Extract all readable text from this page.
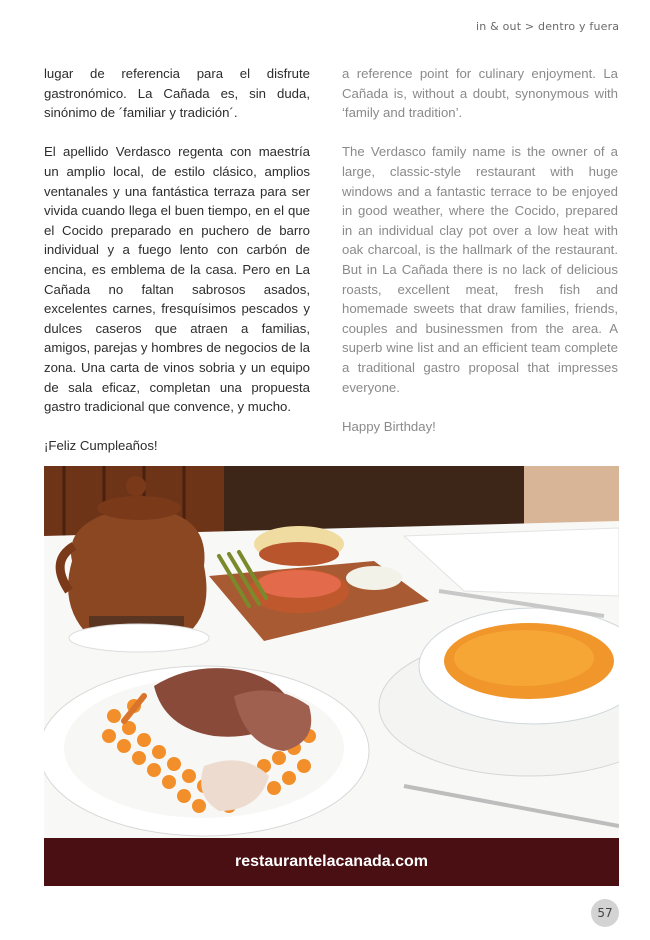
in & out > dentro y fuera

lugar de referencia para el disfrute gastronómico. La Cañada es, sin duda, sinónimo de ´familiar y tradición´.

El apellido Verdasco regenta con maestría un amplio local, de estilo clásico, amplios ventanales y una fantástica terraza para ser vivida cuando llega el buen tiempo, en el que el Cocido preparado en puchero de barro individual y a fuego lento con carbón de encina, es emblema de la casa. Pero en La Cañada no faltan sabrosos asados, excelentes carnes, fresquísimos pescados y dulces caseros que atraen a familias, amigos, parejas y hombres de negocios de la zona. Una carta de vinos sobria y un equipo de sala eficaz, completan una propuesta gastro tradicional que convence, y mucho.

¡Feliz Cumpleaños!

a reference point for culinary enjoyment. La Cañada is, without a doubt, synonymous with ‘family and tradition’.

The Verdasco family name is the owner of a large, classic-style restaurant with huge windows and a fantastic terrace to be enjoyed in good weather, where the Cocido, prepared in an individual clay pot over a low heat with oak charcoal, is the hallmark of the restaurant. But in La Cañada there is no lack of delicious roasts, excellent meat, fresh fish and homemade sweets that draw families, friends, couples and businessmen from the area. A superb wine list and an efficient team complete a traditional gastro proposal that impresses everyone.

Happy Birthday!

restaurantelacanada.com
57
